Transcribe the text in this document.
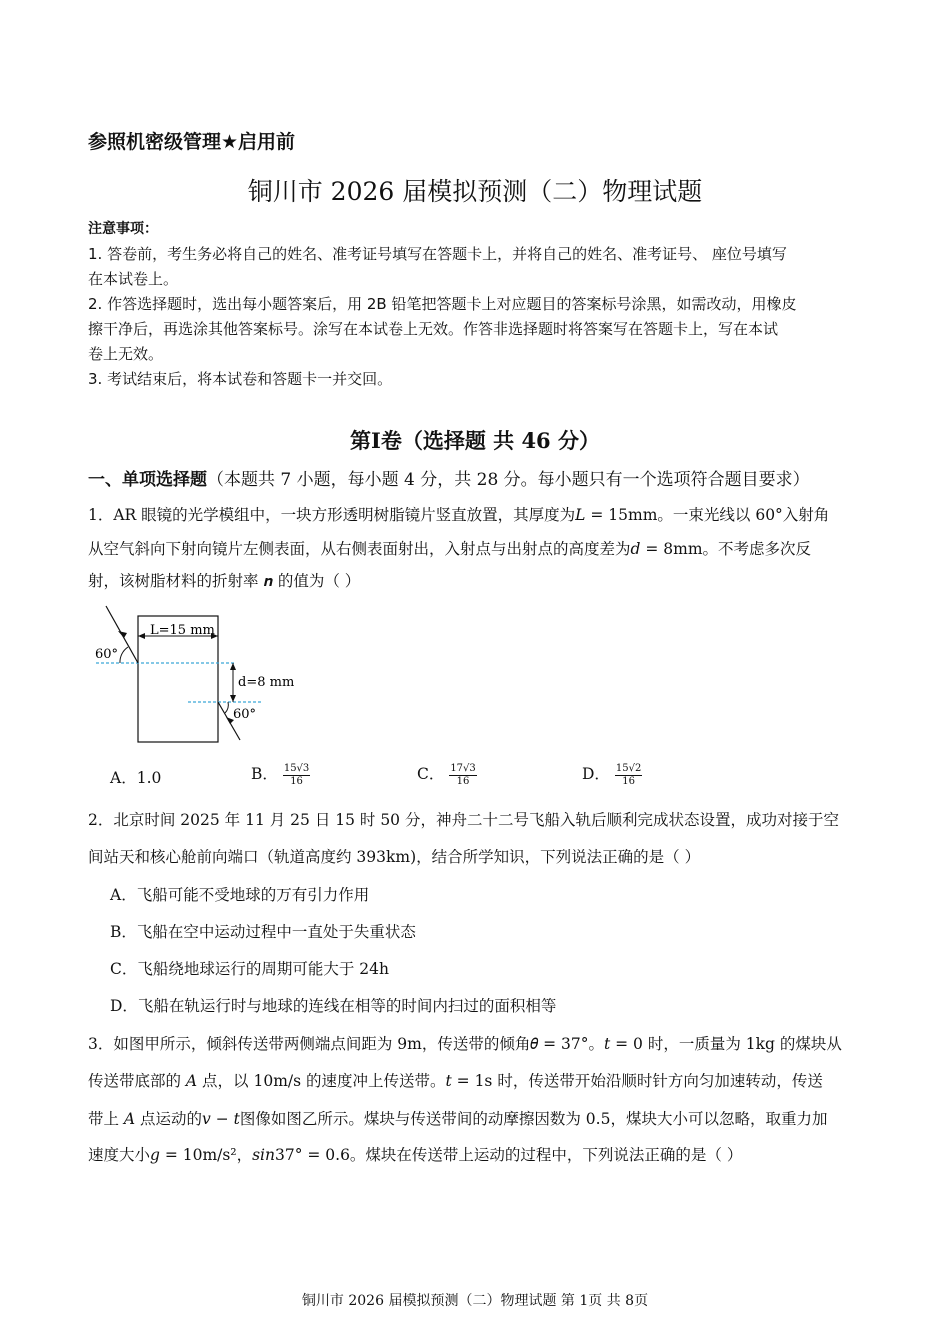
参照机密级管理★启用前
铜川市 2026 届模拟预测（二）物理试题
注意事项：
1. 答卷前，考生务必将自己的姓名、准考证号填写在答题卡上，并将自己的姓名、准考证号、 座位号填写
在本试卷上。
2. 作答选择题时，选出每小题答案后，用 2B 铅笔把答题卡上对应题目的答案标号涂黑，如需改动，用橡皮
擦干净后，再选涂其他答案标号。涂写在本试卷上无效。作答非选择题时将答案写在答题卡上，写在本试
卷上无效。
3. 考试结束后，将本试卷和答题卡一并交回。
第Ⅰ卷（选择题 共 46 分）
一、单项选择题（本题共 7 小题，每小题 4 分，共 28 分。每小题只有一个选项符合题目要求）
1．AR 眼镜的光学模组中，一块方形透明树脂镜片竖直放置，其厚度为𝐿 = 15mm。一束光线以 60°入射角
从空气斜向下射向镜片左侧表面，从右侧表面射出，入射点与出射点的高度差为𝑑 = 8mm。不考虑多次反
射，该树脂材料的折射率 𝒏 的值为（ ）
L=15 mm
60°
d=8 mm
60°
A．1.0	B． $\frac{15√3}{16}$	C． $\frac{17√3}{16}$	D． $\frac{15√2}{16}$
2．北京时间 2025 年 11 月 25 日 15 时 50 分，神舟二十二号飞船入轨后顺利完成状态设置，成功对接于空
间站天和核心舱前向端口（轨道高度约 393km)，结合所学知识，下列说法正确的是（ ）
A．飞船可能不受地球的万有引力作用
B．飞船在空中运动过程中一直处于失重状态
C．飞船绕地球运行的周期可能大于 24h
D．飞船在轨运行时与地球的连线在相等的时间内扫过的面积相等
3．如图甲所示，倾斜传送带两侧端点间距为 9m，传送带的倾角𝜃 = 37°。𝑡 = 0 时，一质量为 1kg 的煤块从
传送带底部的 𝐴 点，以 10m/s 的速度冲上传送带。𝑡 = 1s 时，传送带开始沿顺时针方向匀加速转动，传送
带上 𝐴 点运动的𝑣 − 𝑡图像如图乙所示。煤块与传送带间的动摩擦因数为 0.5，煤块大小可以忽略，取重力加
速度大小𝑔 = 10m/s²，𝑠𝑖𝑛37° = 0.6。煤块在传送带上运动的过程中，下列说法正确的是（ ）
铜川市 2026 届模拟预测（二）物理试题 第 1页 共 8页
